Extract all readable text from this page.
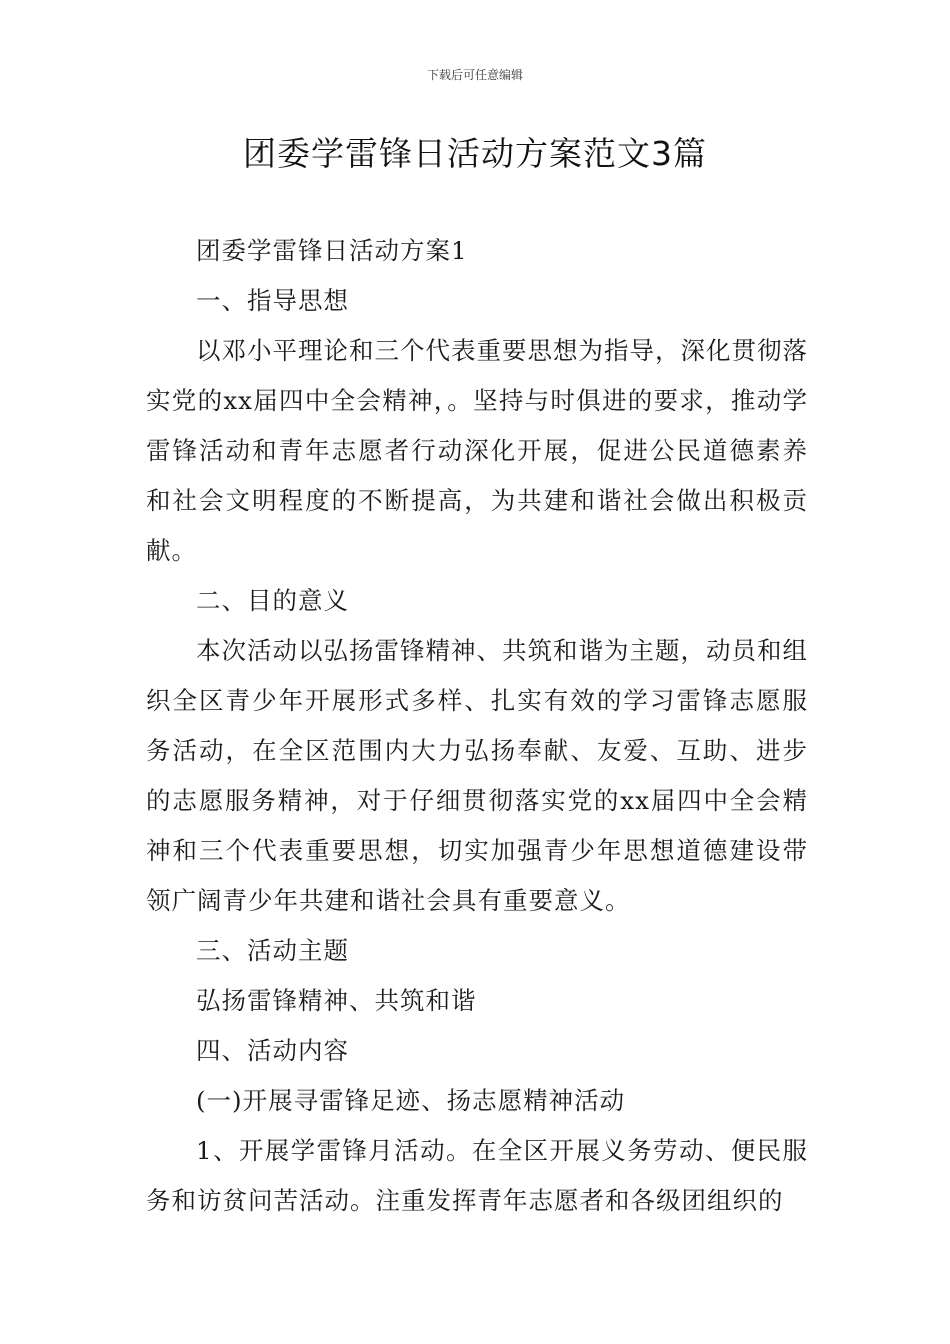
下载后可任意编辑
团委学雷锋日活动方案范文3篇

团委学雷锋日活动方案1

一、指导思想

以邓小平理论和三个代表重要思想为指导，深化贯彻落实党的xx届四中全会精神，。坚持与时俱进的要求，推动学雷锋活动和青年志愿者行动深化开展，促进公民道德素养和社会文明程度的不断提高，为共建和谐社会做出积极贡献。

二、目的意义

本次活动以弘扬雷锋精神、共筑和谐为主题，动员和组织全区青少年开展形式多样、扎实有效的学习雷锋志愿服务活动，在全区范围内大力弘扬奉献、友爱、互助、进步的志愿服务精神，对于仔细贯彻落实党的xx届四中全会精神和三个代表重要思想，切实加强青少年思想道德建设带领广阔青少年共建和谐社会具有重要意义。

三、活动主题

弘扬雷锋精神、共筑和谐

四、活动内容

(一)开展寻雷锋足迹、扬志愿精神活动

1、开展学雷锋月活动。在全区开展义务劳动、便民服务和访贫问苦活动。注重发挥青年志愿者和各级团组织的
